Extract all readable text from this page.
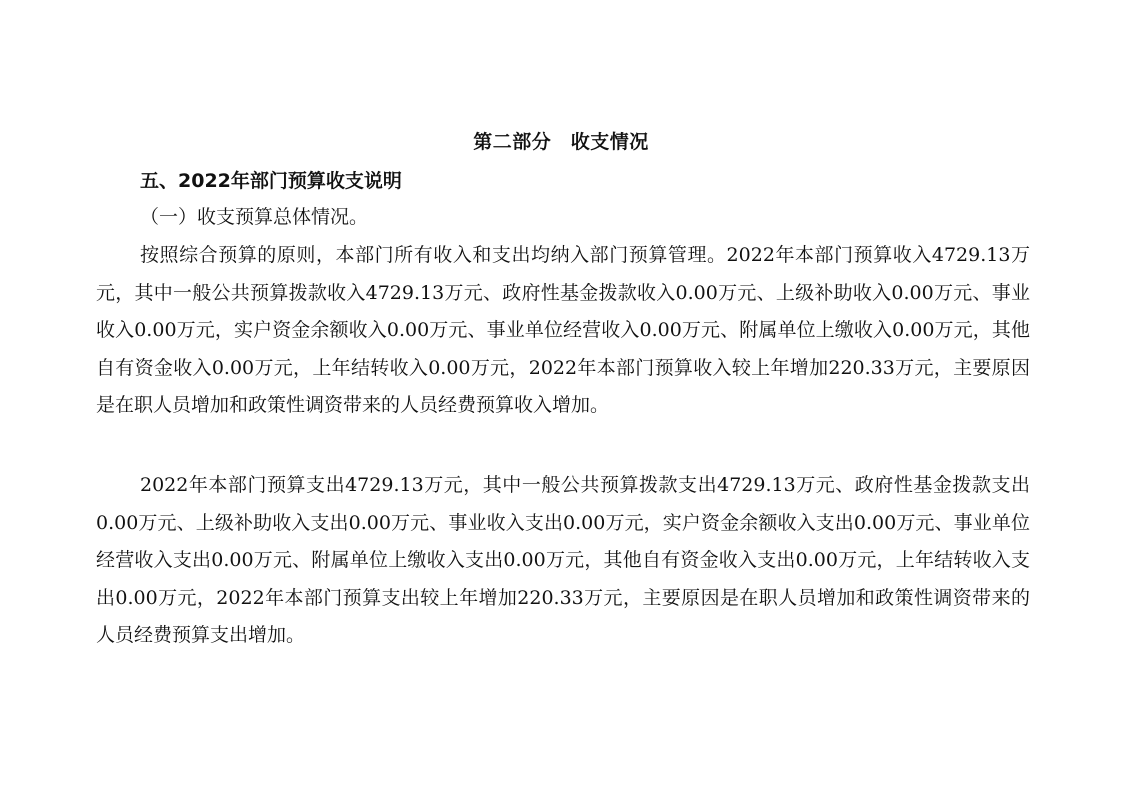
第二部分　收支情况
五、2022年部门预算收支说明
（一）收支预算总体情况。

按照综合预算的原则，本部门所有收入和支出均纳入部门预算管理。2022年本部门预算收入4729.13万元，其中一般公共预算拨款收入4729.13万元、政府性基金拨款收入0.00万元、上级补助收入0.00万元、事业收入0.00万元，实户资金余额收入0.00万元、事业单位经营收入0.00万元、附属单位上缴收入0.00万元，其他自有资金收入0.00万元，上年结转收入0.00万元，2022年本部门预算收入较上年增加220.33万元，主要原因是在职人员增加和政策性调资带来的人员经费预算收入增加。

2022年本部门预算支出4729.13万元，其中一般公共预算拨款支出4729.13万元、政府性基金拨款支出0.00万元、上级补助收入支出0.00万元、事业收入支出0.00万元，实户资金余额收入支出0.00万元、事业单位经营收入支出0.00万元、附属单位上缴收入支出0.00万元，其他自有资金收入支出0.00万元，上年结转收入支出0.00万元，2022年本部门预算支出较上年增加220.33万元，主要原因是在职人员增加和政策性调资带来的人员经费预算支出增加。
